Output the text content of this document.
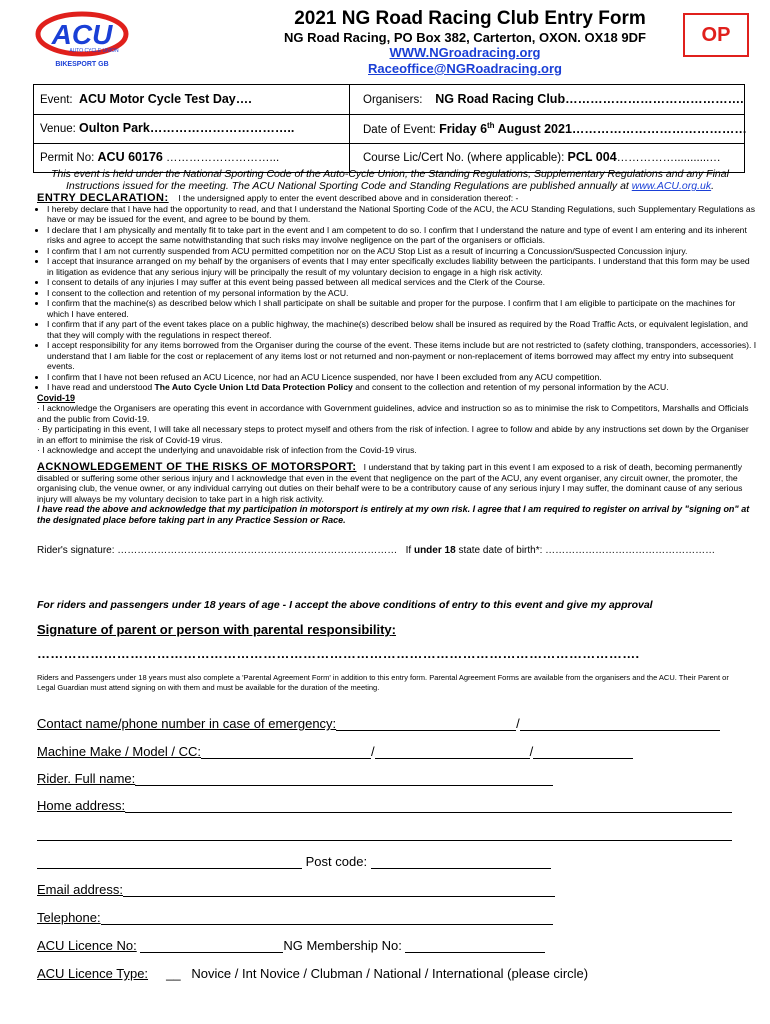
ACU
AUTO CYCLE UNION
BIKESPORT GB
2021 NG Road Racing Club Entry Form
NG Road Racing, PO Box 382, Carterton, OXON. OX18 9DF
WWW.NGroadracing.org
Raceoffice@NGRoadracing.org
OP
Event: ACU Motor Cycle Test Day….	Organisers: NG Road Racing Club…………………………………….
Venue: Oulton Park……………………………..	Date of Event: Friday 6th August 2021……………………………………
Permit No: ACU 60176 ………………………...	Course Lic/Cert No. (where applicable): PCL 004……………...........…
This event is held under the National Sporting Code of the Auto-Cycle Union, the Standing Regulations, Supplementary Regulations and any Final Instructions issued for the meeting. The ACU National Sporting Code and Standing Regulations are published annually at www.ACU.org.uk.
ENTRY DECLARATION: I the undersigned apply to enter the event described above and in consideration thereof: -
• I hereby declare that I have had the opportunity to read, and that I understand the National Sporting Code of the ACU, the ACU Standing Regulations, such Supplementary Regulations as have or may be issued for the event, and agree to be bound by them.
• I declare that I am physically and mentally fit to take part in the event and I am competent to do so. I confirm that I understand the nature and type of event I am entering and its inherent risks and agree to accept the same notwithstanding that such risks may involve negligence on the part of the organisers or officials.
• I confirm that I am not currently suspended from ACU permitted competition nor on the ACU Stop List as a result of incurring a Concussion/Suspected Concussion injury.
• I accept that insurance arranged on my behalf by the organisers of events that I may enter specifically excludes liability between the participants. I understand that this form may be used in litigation as evidence that any serious injury will be principally the result of my voluntary decision to engage in a high risk activity.
• I consent to details of any injuries I may suffer at this event being passed between all medical services and the Clerk of the Course.
• I consent to the collection and retention of my personal information by the ACU.
• I confirm that the machine(s) as described below which I shall participate on shall be suitable and proper for the purpose. I confirm that I am eligible to participate on the machines for which I have entered.
• I confirm that if any part of the event takes place on a public highway, the machine(s) described below shall be insured as required by the Road Traffic Acts, or equivalent legislation, and that they will comply with the regulations in respect thereof.
• I accept responsibility for any items borrowed from the Organiser during the course of the event. These items include but are not restricted to (safety clothing, transponders, accessories). I understand that I am liable for the cost or replacement of any items lost or not returned and non-payment or non-replacement of items borrowed may affect my entry into subsequent events.
• I confirm that I have not been refused an ACU Licence, nor had an ACU Licence suspended, nor have I been excluded from any ACU competition.
• I have read and understood The Auto Cycle Union Ltd Data Protection Policy and consent to the collection and retention of my personal information by the ACU.
Covid-19
· I acknowledge the Organisers are operating this event in accordance with Government guidelines, advice and instruction so as to minimise the risk to Competitors, Marshalls and Officials and the public from Covid-19.
· By participating in this event, I will take all necessary steps to protect myself and others from the risk of infection. I agree to follow and abide by any instructions set down by the Organiser in an effort to minimise the risk of Covid-19 virus.
· I acknowledge and accept the underlying and unavoidable risk of infection from the Covid-19 virus.
ACKNOWLEDGEMENT OF THE RISKS OF MOTORSPORT: I understand that by taking part in this event I am exposed to a risk of death, becoming permanently disabled or suffering some other serious injury and I acknowledge that even in the event that negligence on the part of the ACU, any event organiser, any circuit owner, the promoter, the organising club, the venue owner, or any individual carrying out duties on their behalf were to be a contributory cause of any serious injury I may suffer, the dominant cause of any serious injury will always be my voluntary decision to take part in a high risk activity.
I have read the above and acknowledge that my participation in motorsport is entirely at my own risk. I agree that I am required to register on arrival by "signing on" at the designated place before taking part in any Practice Session or Race.
Rider's signature: ………………………………………………………………………… If under 18 state date of birth*: ……………………………………………
For riders and passengers under 18 years of age - I accept the above conditions of entry to this event and give my approval
Signature of parent or person with parental responsibility:
……………………………………………………………………………………………………………………….
Riders and Passengers under 18 years must also complete a 'Parental Agreement Form' in addition to this entry form. Parental Agreement Forms are available from the organisers and the ACU. Their Parent or Legal Guardian must attend signing on with them and must be available for the duration of the meeting.
Contact name/phone number in case of emergency:	/
Machine Make / Model / CC:	/	/
Rider. Full name:
Home address:
Post code:
Email address:
Telephone:
ACU Licence No:	NG Membership No:
ACU Licence Type: __ Novice / Int Novice / Clubman / National / International (please circle)
